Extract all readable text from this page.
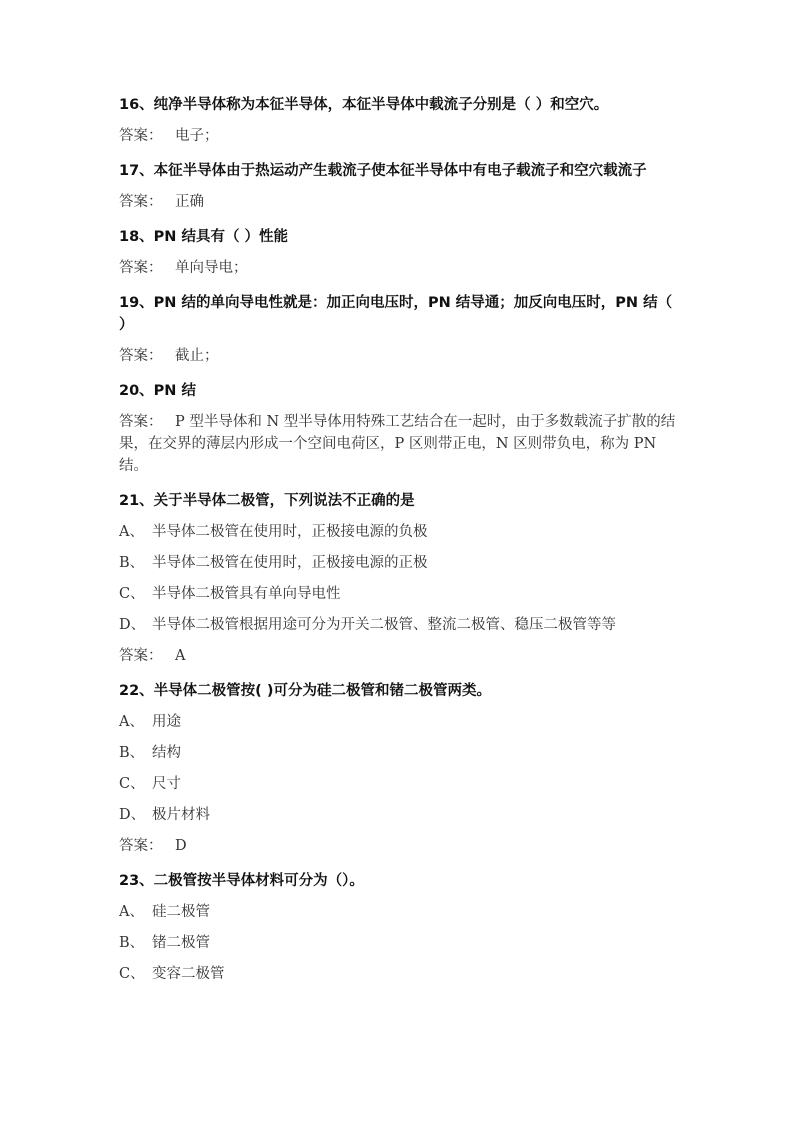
16、纯净半导体称为本征半导体，本征半导体中载流子分别是（ ）和空穴。

答案： 电子；

17、本征半导体由于热运动产生载流子使本征半导体中有电子载流子和空穴载流子

答案： 正确

18、PN 结具有（ ）性能

答案： 单向导电；

19、PN 结的单向导电性就是：加正向电压时，PN 结导通；加反向电压时，PN 结（ ）

答案： 截止；

20、PN 结

答案： P 型半导体和 N 型半导体用特殊工艺结合在一起时，由于多数载流子扩散的结果，在交界的薄层内形成一个空间电荷区，P 区则带正电，N 区则带负电，称为 PN 结。

21、关于半导体二极管，下列说法不正确的是

A、 半导体二极管在使用时，正极接电源的负极

B、 半导体二极管在使用时，正极接电源的正极

C、 半导体二极管具有单向导电性

D、 半导体二极管根据用途可分为开关二极管、整流二极管、稳压二极管等等

答案： A

22、半导体二极管按( )可分为硅二极管和锗二极管两类。

A、 用途

B、 结构

C、 尺寸

D、 极片材料

答案： D

23、二极管按半导体材料可分为（）。

A、 硅二极管

B、 锗二极管

C、 变容二极管
